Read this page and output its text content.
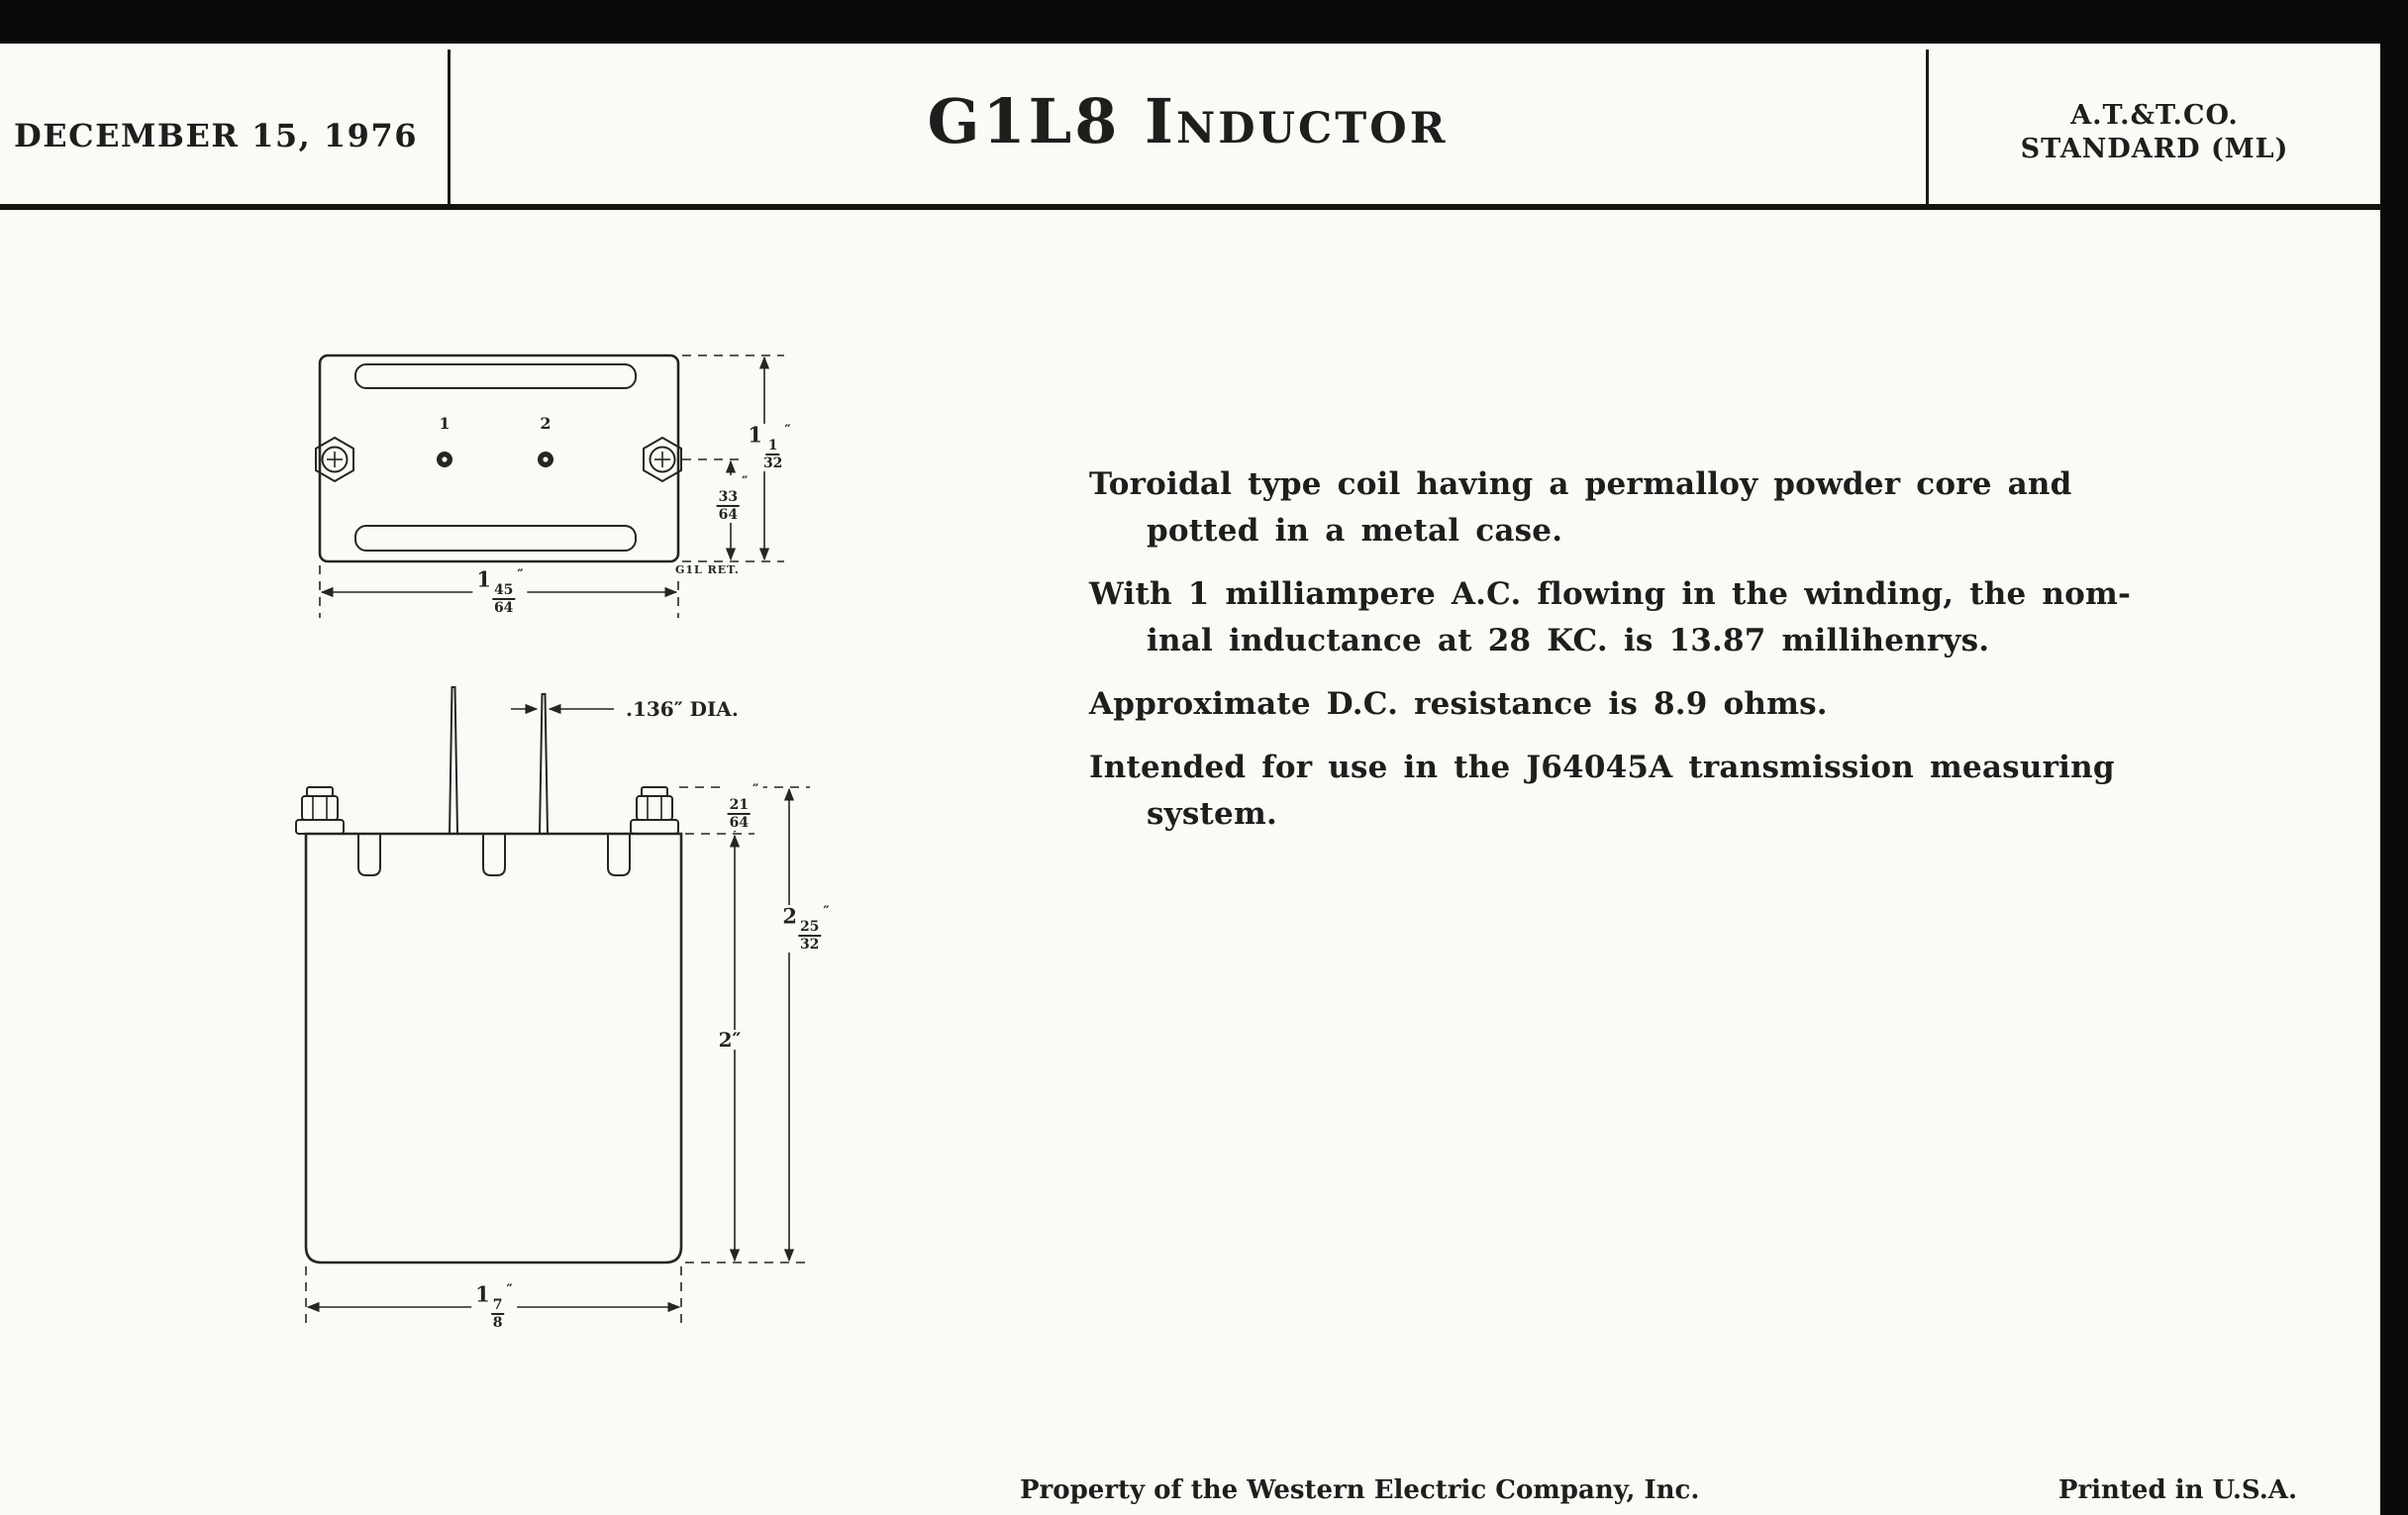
DECEMBER 15, 1976	G1L8 Inductor	A.T.&T.CO.
STANDARD (ML)
1	2	1
$\frac{1}{32}$
″
$\frac{33}{64}$
″
1
$\frac{45}{64}$
″	G1L RET.
.136″ DIA.
$\frac{21}{64}$
″
2
$\frac{25}{32}$
″
2″
1
$\frac{7}{8}$
″
Toroidal type coil having a permalloy powder core and
potted in a metal case.
With 1 milliampere A.C. flowing in the winding, the nom-
inal inductance at 28 KC. is 13.87 millihenrys.
Approximate D.C. resistance is 8.9 ohms.
Intended for use in the J64045A transmission measuring
system.
Property of the Western Electric Company, Inc.	Printed in U.S.A.
